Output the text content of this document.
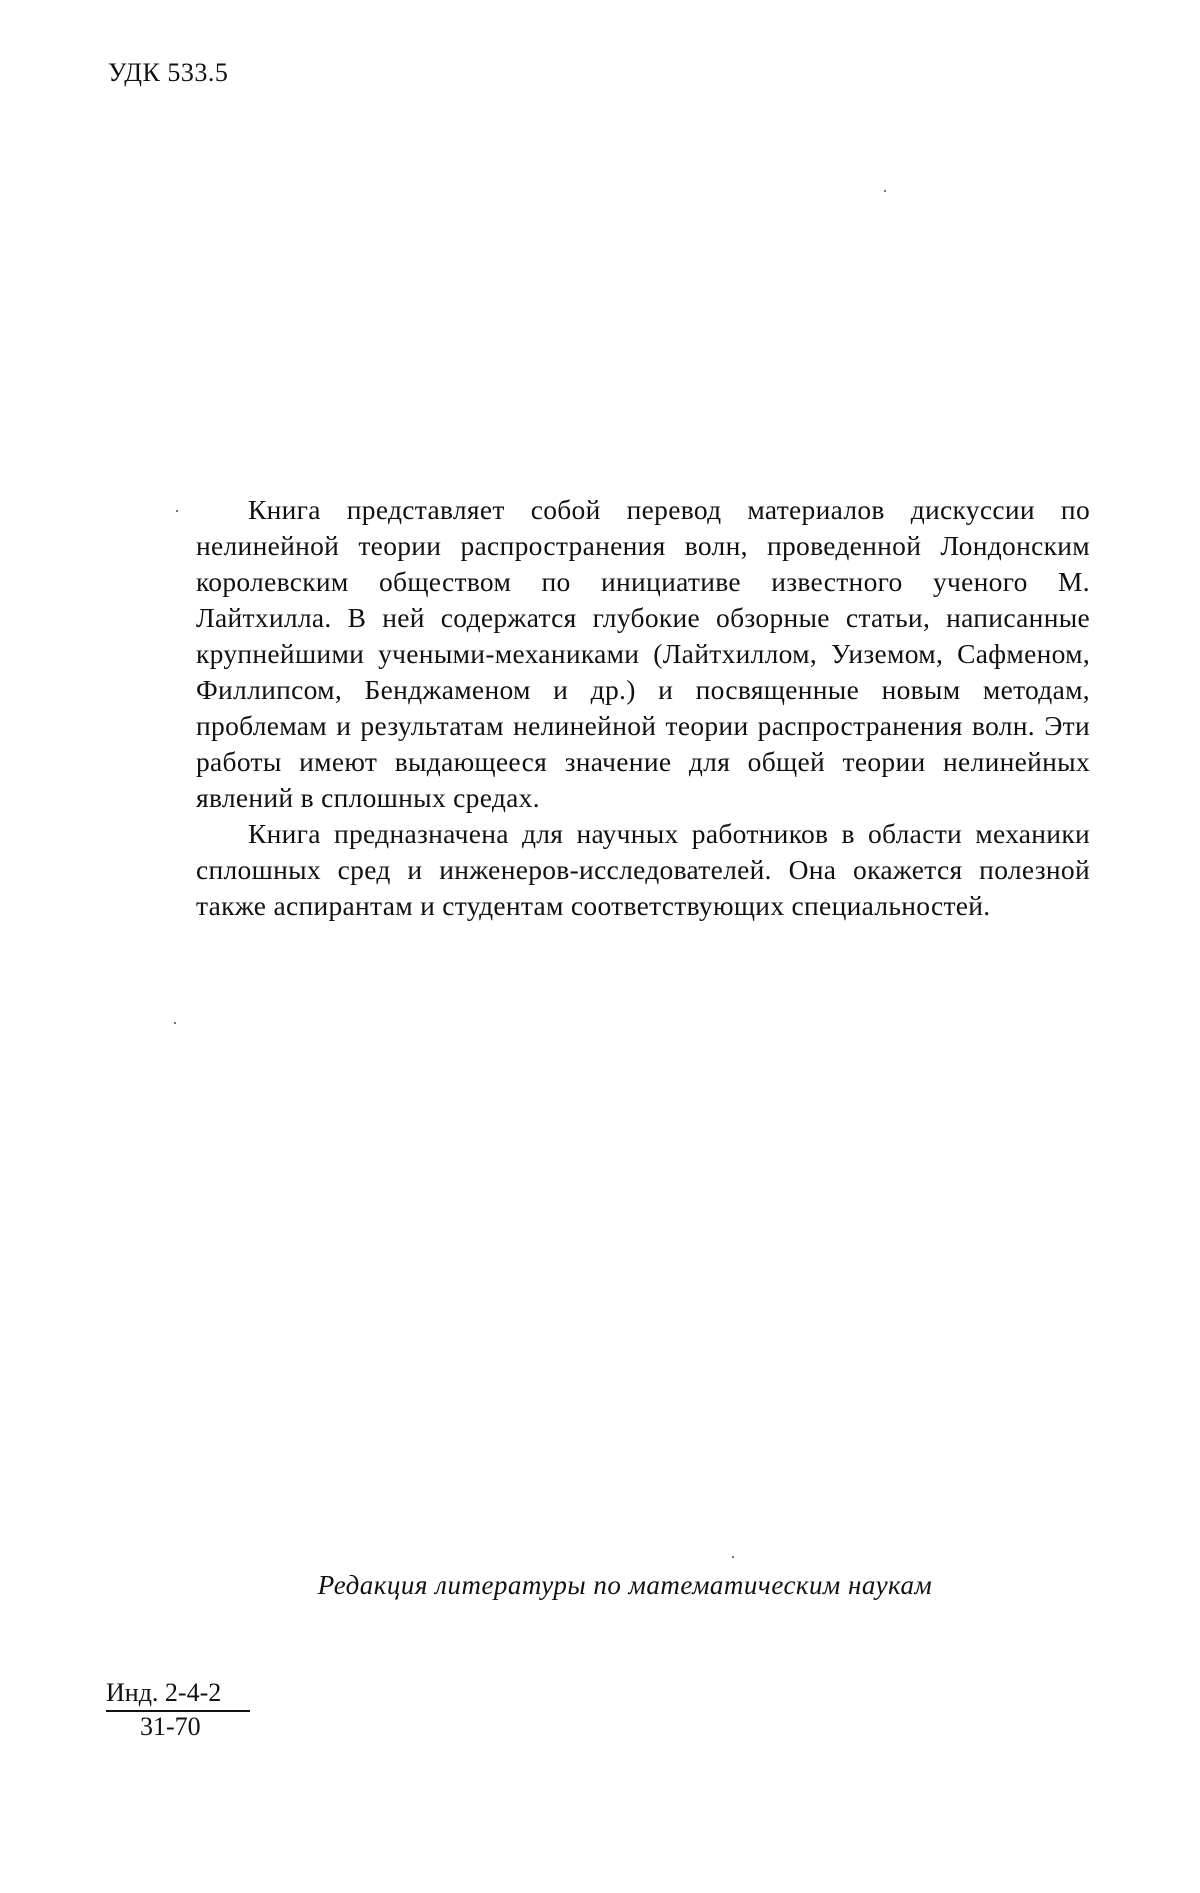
УДК 533.5

Книга представляет собой перевод материалов дискуссии по нелинейной теории распространения волн, проведенной Лондонским королевским обществом по инициативе известного ученого М. Лайтхилла. В ней содержатся глубокие обзорные статьи, написанные крупнейшими учеными-механиками (Лайтхиллом, Уиземом, Сафменом, Филлипсом, Бенджаменом и др.) и посвященные новым методам, проблемам и результатам нелинейной теории распространения волн. Эти работы имеют выдающееся значение для общей теории нелинейных явлений в сплошных средах.

Книга предназначена для научных работников в области механики сплошных сред и инженеров-исследователей. Она окажется полезной также аспирантам и студентам соответствующих специальностей.

Редакция литературы по математическим наукам
Инд. 2-4-2
31-70
